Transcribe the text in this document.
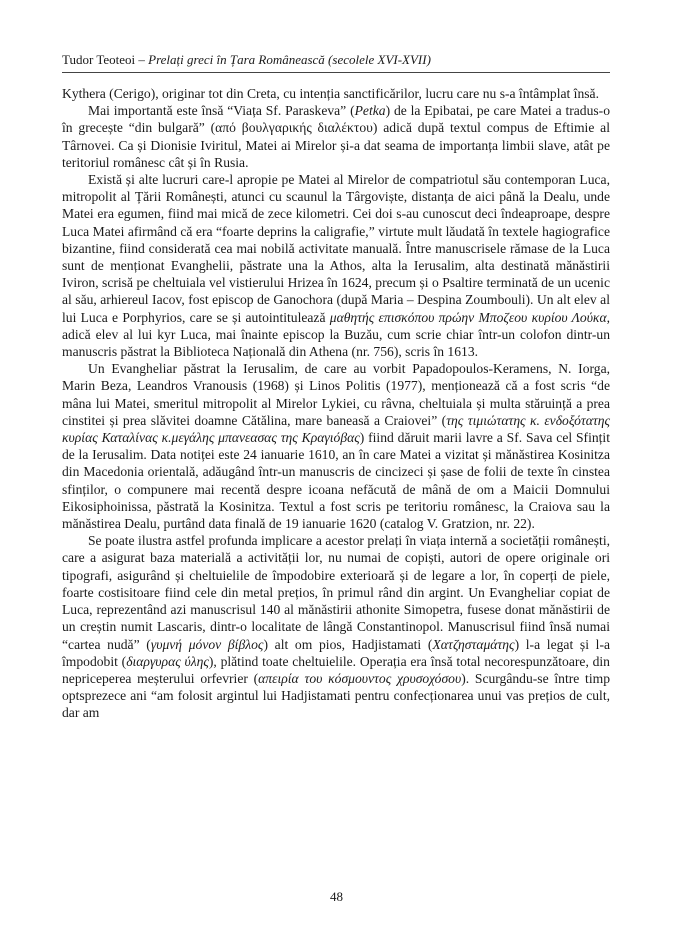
Tudor Teoteoi – Prelați greci în Țara Românească (secolele XVI-XVII)

Kythera (Cerigo), originar tot din Creta, cu intenția sanctificărilor, lucru care nu s-a întâmplat însă.

Mai importantă este însă “Viața Sf. Paraskeva” (Petka) de la Epibatai, pe care Matei a tradus-o în grecește “din bulgară” (από βουλγαρικής διαλέκτου) adică după textul compus de Eftimie al Târnovei. Ca și Dionisie Iviritul, Matei ai Mirelor și-a dat seama de importanța limbii slave, atât pe teritoriul românesc cât și în Rusia.

Există și alte lucruri care-l apropie pe Matei al Mirelor de compatriotul său contemporan Luca, mitropolit al Țării Românești, atunci cu scaunul la Târgoviște, distanța de aici până la Dealu, unde Matei era egumen, fiind mai mică de zece kilometri. Cei doi s-au cunoscut deci îndeaproape, despre Luca Matei afirmând că era “foarte deprins la caligrafie,” virtute mult lăudată în textele hagiografice bizantine, fiind considerată cea mai nobilă activitate manuală. Între manuscrisele rămase de la Luca sunt de menționat Evanghelii, păstrate una la Athos, alta la Ierusalim, alta destinată mănăstirii Iviron, scrisă pe cheltuiala vel vistierului Hrizea în 1624, precum și o Psaltire terminată de un ucenic al său, arhiereul Iacov, fost episcop de Ganochora (după Maria – Despina Zoumbouli). Un alt elev al lui Luca e Porphyrios, care se și autointitulează μαθητής επισκόπου πρώην Μποζεου κυρίου Λούκα, adică elev al lui kyr Luca, mai înainte episcop la Buzău, cum scrie chiar într-un colofon dintr-un manuscris păstrat la Biblioteca Națională din Athena (nr. 756), scris în 1613.

Un Evangheliar păstrat la Ierusalim, de care au vorbit Papadopoulos-Keramens, N. Iorga, Marin Beza, Leandros Vranousis (1968) și Linos Politis (1977), menționează că a fost scris “de mâna lui Matei, smeritul mitropolit al Mirelor Lykiei, cu râvna, cheltuiala și multa stăruință a prea cinstitei și prea slăvitei doamne Cătălina, mare baneasă a Craiovei” (της τιμιώτατης κ. ενδοξότατης κυρίας Καταλίνας κ.μεγάλης μπανεασας της Κραγιόβας) fiind dăruit marii lavre a Sf. Sava cel Sfințit de la Ierusalim. Data notiței este 24 ianuarie 1610, an în care Matei a vizitat și mănăstirea Kosinitza din Macedonia orientală, adăugând într-un manuscris de cincizeci și șase de folii de texte în cinstea sfinților, o compunere mai recentă despre icoana nefăcută de mână de om a Maicii Domnului Eikosiphoinissa, păstrată la Kosinitza. Textul a fost scris pe teritoriu românesc, la Craiova sau la mănăstirea Dealu, purtând data finală de 19 ianuarie 1620 (catalog V. Gratzion, nr. 22).

Se poate ilustra astfel profunda implicare a acestor prelați în viața internă a societății românești, care a asigurat baza materială a activității lor, nu numai de copiști, autori de opere originale ori tipografi, asigurând și cheltuielile de împodobire exterioară și de legare a lor, în coperți de piele, foarte costisitoare fiind cele din metal prețios, în primul rând din argint. Un Evangheliar copiat de Luca, reprezentând azi manuscrisul 140 al mănăstirii athonite Simopetra, fusese donat mănăstirii de un creștin numit Lascaris, dintr-o localitate de lângă Constantinopol. Manuscrisul fiind însă numai “cartea nudă” (γυμνή μόνον βίβλος) alt om pios, Hadjistamati (Χατζησταμάτης) l-a legat și l-a împodobit (διαργυρας ύλης), plătind toate cheltuielile. Operația era însă total necorespunzătoare, din nepriceperea meșterului orfevrier (απειρία του κόσμουντος χρυσοχόσου). Scurgându-se între timp optsprezece ani “am folosit argintul lui Hadjistamati pentru confecționarea unui vas prețios de cult, dar am

48
